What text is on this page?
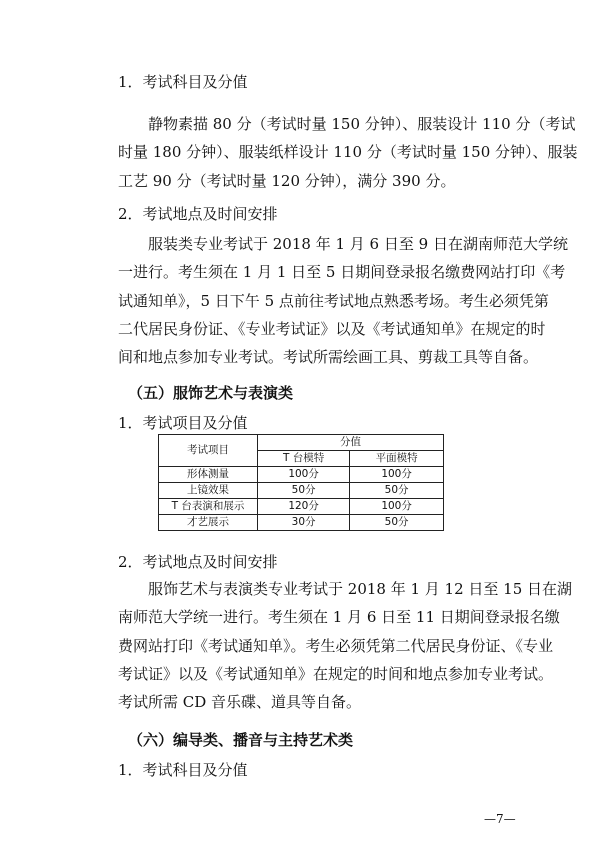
1．考试科目及分值
静物素描 80 分（考试时量 150 分钟）、服装设计 110 分（考试
时量 180 分钟）、服装纸样设计 110 分（考试时量 150 分钟）、服装
工艺 90 分（考试时量 120 分钟），满分 390 分。
2．考试地点及时间安排
服装类专业考试于 2018 年 1 月 6 日至 9 日在湖南师范大学统
一进行。考生须在 1 月 1 日至 5 日期间登录报名缴费网站打印《考
试通知单》，5 日下午 5 点前往考试地点熟悉考场。考生必须凭第
二代居民身份证、《专业考试证》以及《考试通知单》在规定的时
间和地点参加专业考试。考试所需绘画工具、剪裁工具等自备。
（五）服饰艺术与表演类
1．考试项目及分值
考试项目	分值	
	T 台模特	平面模特
形体测量	100分	100分
上镜效果	50分	50分
T 台表演和展示	120分	100分
才艺展示	30分	50分
2．考试地点及时间安排
服饰艺术与表演类专业考试于 2018 年 1 月 12 日至 15 日在湖
南师范大学统一进行。考生须在 1 月 6 日至 11 日期间登录报名缴
费网站打印《考试通知单》。考生必须凭第二代居民身份证、《专业
考试证》以及《考试通知单》在规定的时间和地点参加专业考试。
考试所需 CD 音乐碟、道具等自备。
（六）编导类、播音与主持艺术类
1．考试科目及分值
—7—
